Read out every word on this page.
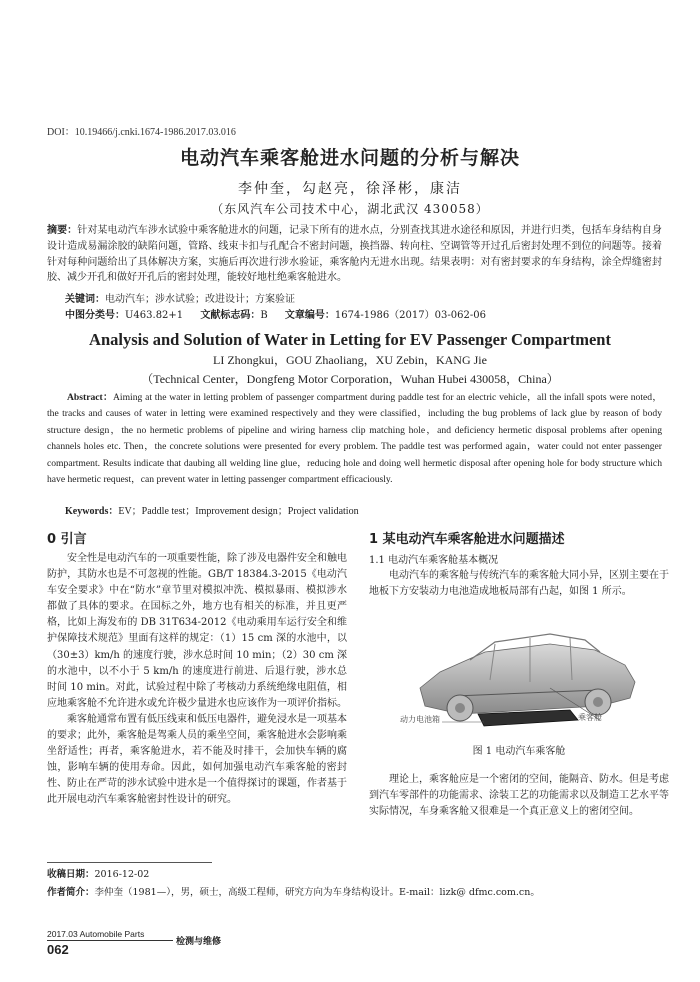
DOI：10.19466/j.cnki.1674-1986.2017.03.016
电动汽车乘客舱进水问题的分析与解决
李仲奎，勾赵亮，徐泽彬，康洁
（东风汽车公司技术中心，湖北武汉 430058）
摘要：针对某电动汽车涉水试验中乘客舱进水的问题，记录下所有的进水点，分别查找其进水途径和原因，并进行归类，包括车身结构自身设计造成易漏涂胶的缺陷问题，管路、线束卡扣与孔配合不密封问题，换挡器、转向柱、空调管等开过孔后密封处理不到位的问题等。接着针对每种问题给出了具体解决方案，实施后再次进行涉水验证，乘客舱内无进水出现。结果表明：对有密封要求的车身结构，涂全焊缝密封胶、减少开孔和做好开孔后的密封处理，能较好地杜绝乘客舱进水。
关键词：电动汽车；涉水试验；改进设计；方案验证
中图分类号：U463.82+1 文献标志码：B 文章编号：1674-1986（2017）03-062-06
Analysis and Solution of Water in Letting for EV Passenger Compartment
LI Zhongkui，GOU Zhaoliang，XU Zebin，KANG Jie
（Technical Center，Dongfeng Motor Corporation，Wuhan Hubei 430058，China）
Abstract：Aiming at the water in letting problem of passenger compartment during paddle test for an electric vehicle，all the infall spots were noted，the tracks and causes of water in letting were examined respectively and they were classified，including the bug problems of lack glue by reason of body structure design，the no hermetic problems of pipeline and wiring harness clip matching hole，and deficiency hermetic disposal problems after opening channels holes etc. Then，the concrete solutions were presented for every problem. The paddle test was performed again，water could not enter passenger compartment. Results indicate that daubing all welding line glue，reducing hole and doing well hermetic disposal after opening hole for body structure which have hermetic request，can prevent water in letting passenger compartment efficaciously.
Keywords：EV；Paddle test；Improvement design；Project validation
0 引言

安全性是电动汽车的一项重要性能，除了涉及电器件安全和触电防护，其防水也是不可忽视的性能。GB/T 18384.3-2015《电动汽车安全要求》中在“防水”章节里对模拟冲洗、模拟暴雨、模拟涉水都做了具体的要求。在国标之外，地方也有相关的标准，并且更严格，比如上海发布的 DB 31T634-2012《电动乘用车运行安全和维护保障技术规范》里面有这样的规定：（1）15 cm 深的水池中，以（30±3）km/h 的速度行驶，涉水总时间 10 min；（2）30 cm 深的水池中，以不小于 5 km/h 的速度进行前进、后退行驶，涉水总时间 10 min。对此，试验过程中除了考核动力系统绝缘电阻值，相应地乘客舱不允许进水或允许极少量进水也应该作为一项评价指标。

乘客舱通常布置有低压线束和低压电器件，避免浸水是一项基本的要求；此外，乘客舱是驾乘人员的乘坐空间，乘客舱进水会影响乘坐舒适性；再者，乘客舱进水，若不能及时排干，会加快车辆的腐蚀，影响车辆的使用寿命。因此，如何加强电动汽车乘客舱的密封性、防止在严苛的涉水试验中进水是一个值得探讨的课题，作者基于此开展电动汽车乘客舱密封性设计的研究。

1 某电动汽车乘客舱进水问题描述
1.1 电动汽车乘客舱基本概况

电动汽车的乘客舱与传统汽车的乘客舱大同小异，区别主要在于地板下方安装动力电池造成地板局部有凸起，如图 1 所示。

动力电池箱	乘客舱
图 1 电动汽车乘客舱

理论上，乘客舱应是一个密闭的空间，能隔音、防水。但是考虑到汽车零部件的功能需求、涂装工艺的功能需求以及制造工艺水平等实际情况，车身乘客舱又很难是一个真正意义上的密闭空间。

收稿日期：2016-12-02
作者简介：李仲奎（1981—），男，硕士，高级工程师，研究方向为车身结构设计。E-mail：lizk@ dfmc.com.cn。
2017.03 Automobile Parts
062	检测与维修
